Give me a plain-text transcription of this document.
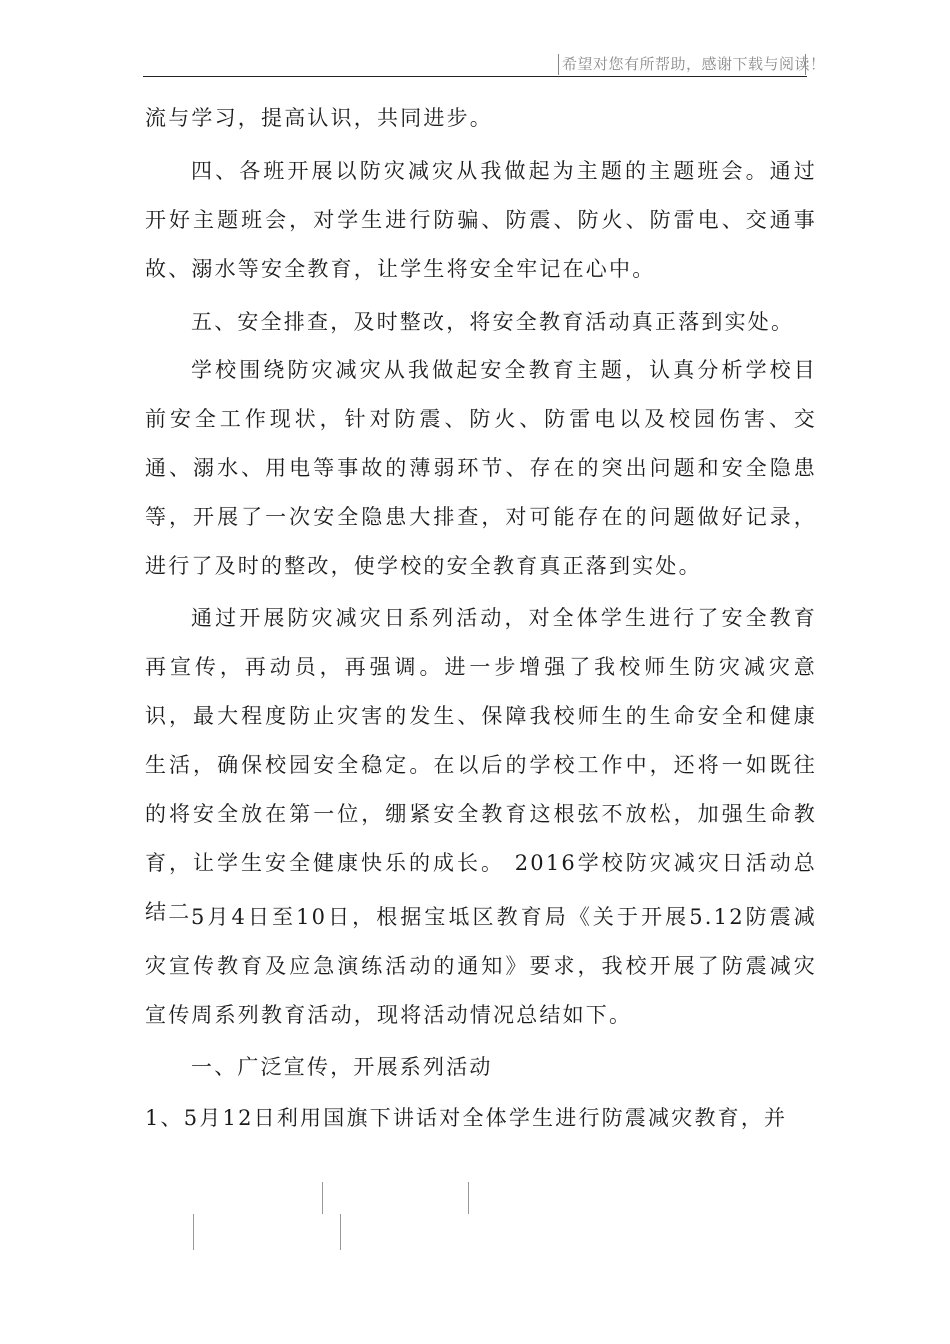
希望对您有所帮助，感谢下载与阅读！

流与学习，提高认识，共同进步。

四、各班开展以防灾减灾从我做起为主题的主题班会。通过开好主题班会，对学生进行防骗、防震、防火、防雷电、交通事故、溺水等安全教育，让学生将安全牢记在心中。

五、安全排查，及时整改，将安全教育活动真正落到实处。

学校围绕防灾减灾从我做起安全教育主题，认真分析学校目前安全工作现状，针对防震、防火、防雷电以及校园伤害、交通、溺水、用电等事故的薄弱环节、存在的突出问题和安全隐患等，开展了一次安全隐患大排查，对可能存在的问题做好记录，进行了及时的整改，使学校的安全教育真正落到实处。

通过开展防灾减灾日系列活动，对全体学生进行了安全教育再宣传，再动员，再强调。进一步增强了我校师生防灾减灾意识，最大程度防止灾害的发生、保障我校师生的生命安全和健康生活，确保校园安全稳定。在以后的学校工作中，还将一如既往的将安全放在第一位，绷紧安全教育这根弦不放松，加强生命教育，让学生安全健康快乐的成长。 2016学校防灾减灾日活动总结二 5月4日至10日，根据宝坻区教育局《关于开展5.12防震减灾宣传教育及应急演练活动的通知》要求，我校开展了防震减灾宣传周系列教育活动，现将活动情况总结如下。

一、广泛宣传，开展系列活动

1、5月12日利用国旗下讲话对全体学生进行防震减灾教育，并
